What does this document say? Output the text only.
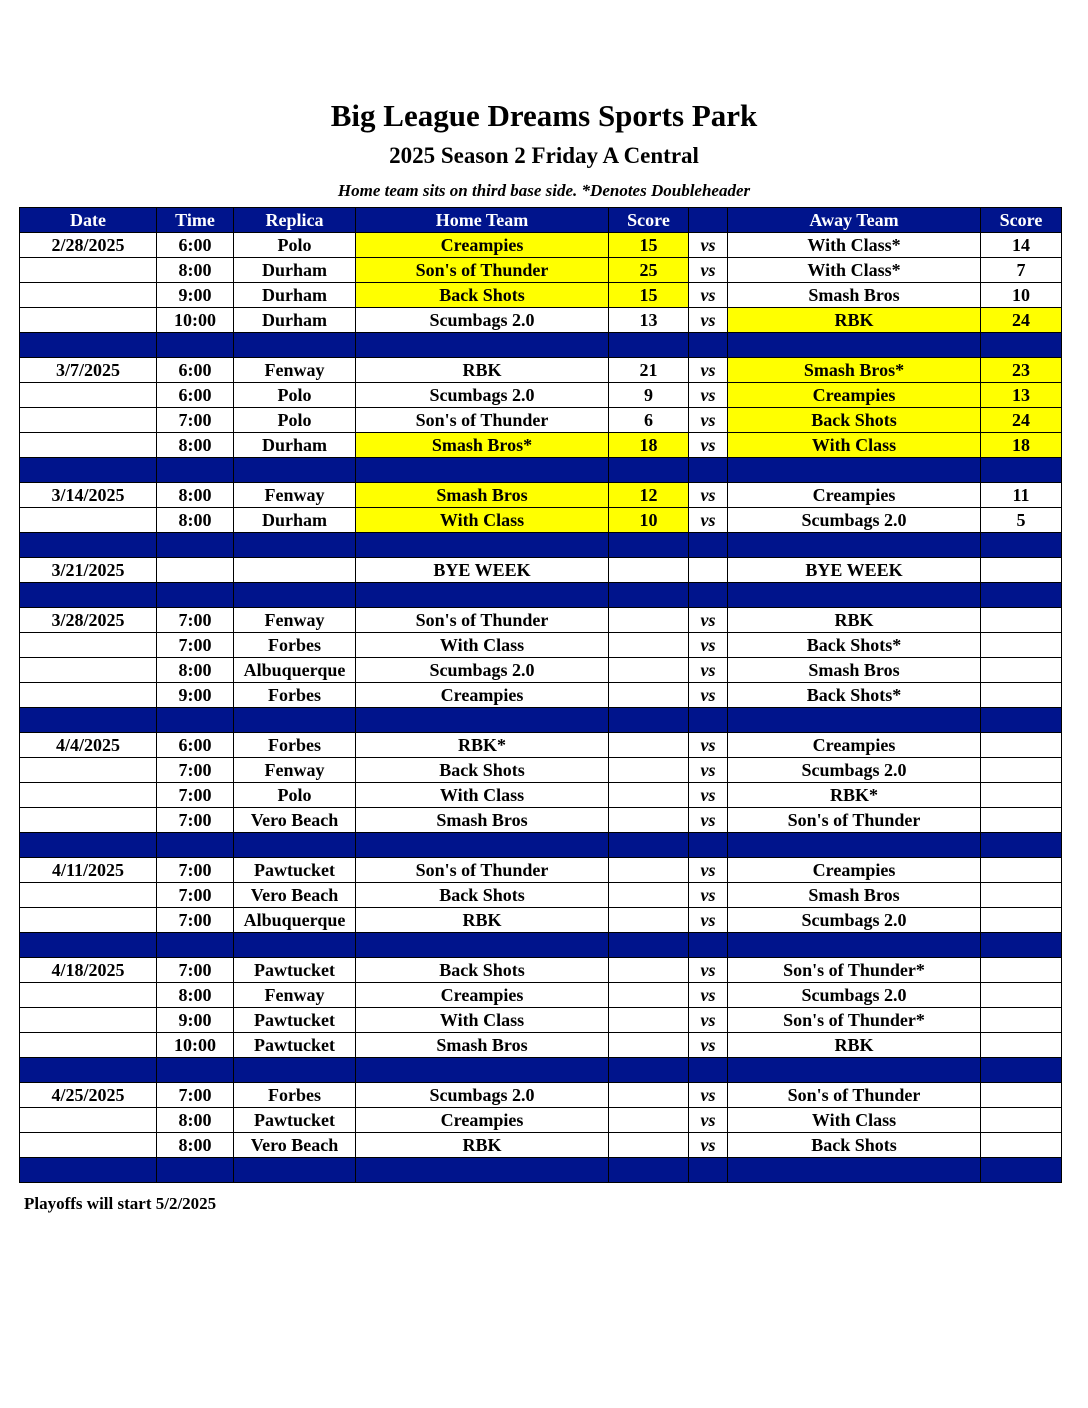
Big League Dreams Sports Park
2025 Season 2 Friday A Central
Home team sits on third base side. *Denotes Doubleheader
Date	Time	Replica	Home Team	Score		Away Team	Score
2/28/2025	6:00	Polo	Creampies	15	vs	With Class*	14
	8:00	Durham	Son's of Thunder	25	vs	With Class*	7
	9:00	Durham	Back Shots	15	vs	Smash Bros	10
	10:00	Durham	Scumbags 2.0	13	vs	RBK	24

3/7/2025	6:00	Fenway	RBK	21	vs	Smash Bros*	23
	6:00	Polo	Scumbags 2.0	9	vs	Creampies	13
	7:00	Polo	Son's of Thunder	6	vs	Back Shots	24
	8:00	Durham	Smash Bros*	18	vs	With Class	18

3/14/2025	8:00	Fenway	Smash Bros	12	vs	Creampies	11
	8:00	Durham	With Class	10	vs	Scumbags 2.0	5

3/21/2025			BYE WEEK			BYE WEEK	

3/28/2025	7:00	Fenway	Son's of Thunder		vs	RBK	
	7:00	Forbes	With Class		vs	Back Shots*	
	8:00	Albuquerque	Scumbags 2.0		vs	Smash Bros	
	9:00	Forbes	Creampies		vs	Back Shots*	

4/4/2025	6:00	Forbes	RBK*		vs	Creampies	
	7:00	Fenway	Back Shots		vs	Scumbags 2.0	
	7:00	Polo	With Class		vs	RBK*	
	7:00	Vero Beach	Smash Bros		vs	Son's of Thunder	

4/11/2025	7:00	Pawtucket	Son's of Thunder		vs	Creampies	
	7:00	Vero Beach	Back Shots		vs	Smash Bros	
	7:00	Albuquerque	RBK		vs	Scumbags 2.0	

4/18/2025	7:00	Pawtucket	Back Shots		vs	Son's of Thunder*	
	8:00	Fenway	Creampies		vs	Scumbags 2.0	
	9:00	Pawtucket	With Class		vs	Son's of Thunder*	
	10:00	Pawtucket	Smash Bros		vs	RBK	

4/25/2025	7:00	Forbes	Scumbags 2.0		vs	Son's of Thunder	
	8:00	Pawtucket	Creampies		vs	With Class	
	8:00	Vero Beach	RBK		vs	Back Shots	

Playoffs will start 5/2/2025
